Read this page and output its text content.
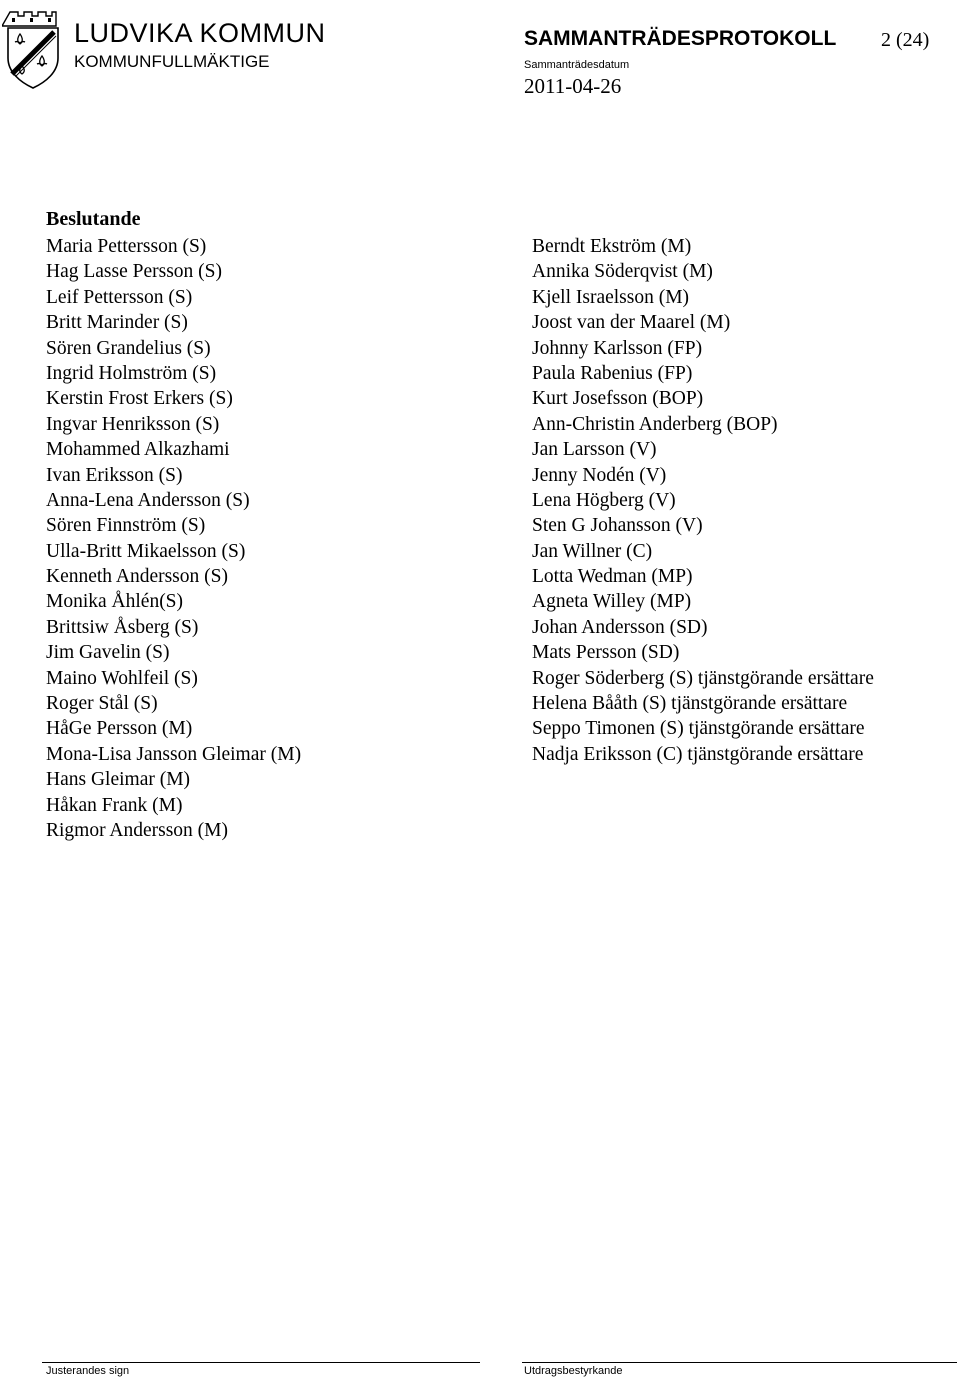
LUDVIKA KOMMUN
KOMMUNFULLMÄKTIGE
SAMMANTRÄDESPROTOKOLL 2 (24)
Sammanträdesdatum
2011-04-26
Beslutande
Maria Pettersson (S)
Hag Lasse Persson (S)
Leif Pettersson (S)
Britt Marinder (S)
Sören Grandelius (S)
Ingrid Holmström (S)
Kerstin Frost Erkers (S)
Ingvar Henriksson (S)
Mohammed Alkazhami
Ivan Eriksson (S)
Anna-Lena Andersson (S)
Sören Finnström (S)
Ulla-Britt Mikaelsson (S)
Kenneth Andersson (S)
Monika Åhlén(S)
Brittsiw Åsberg (S)
Jim Gavelin (S)
Maino Wohlfeil (S)
Roger Stål (S)
HåGe Persson (M)
Mona-Lisa Jansson Gleimar (M)
Hans Gleimar (M)
Håkan Frank (M)
Rigmor Andersson (M)
Berndt Ekström (M)
Annika Söderqvist (M)
Kjell Israelsson (M)
Joost van der Maarel (M)
Johnny Karlsson (FP)
Paula Rabenius (FP)
Kurt Josefsson (BOP)
Ann-Christin Anderberg (BOP)
Jan Larsson (V)
Jenny Nodén (V)
Lena Högberg (V)
Sten G Johansson (V)
Jan Willner (C)
Lotta Wedman (MP)
Agneta Willey (MP)
Johan Andersson (SD)
Mats Persson (SD)
Roger Söderberg (S) tjänstgörande ersättare
Helena Bååth (S) tjänstgörande ersättare
Seppo Timonen (S) tjänstgörande ersättare
Nadja Eriksson (C) tjänstgörande ersättare
Justerandes sign	Utdragsbestyrkande
